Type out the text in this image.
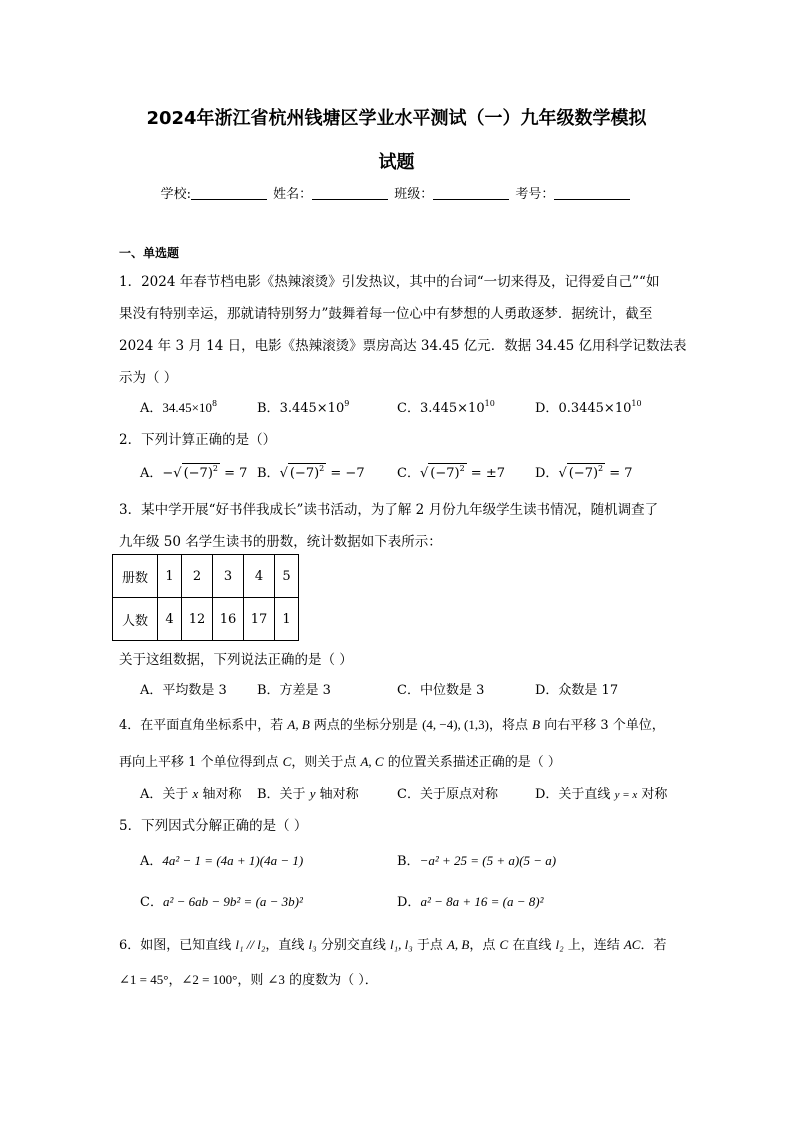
2024年浙江省杭州钱塘区学业水平测试（一）九年级数学模拟
试题
学校:	姓名：	班级：	考号：
一、单选题
1．2024 年春节档电影《热辣滚烫》引发热议，其中的台词“一切来得及，记得爱自己”“如
果没有特别幸运，那就请特别努力”鼓舞着每一位心中有梦想的人勇敢逐梦．据统计，截至
2024 年 3 月 14 日，电影《热辣滚烫》票房高达 34.45 亿元．数据 34.45 亿用科学记数法表
示为（ ）
A．$34.45\times 10^8$	B．$3.445\times 10^9$	C．$3.445\times 10^{10}$	D．$0.3445\times 10^{10}$
2．下列计算正确的是（）
A．−√ $(-7)^2 = 7$ B．√ $(-7)^2 = -7$ C．√ $(-7)^2 = \pm 7$ D．√ $(-7)^2 = 7$
3．某中学开展“好书伴我成长”读书活动，为了解 2 月份九年级学生读书情况，随机调查了
九年级 50 名学生读书的册数，统计数据如下表所示：
册数	1	2	3	4	5
人数	4	12	16	17	1
关于这组数据，下列说法正确的是（ ）
A．平均数是 3 B．方差是 3	C．中位数是 3	D．众数是 17
4．在平面直角坐标系中，若 A, B 两点的坐标分别是 (4, −4), (1,3)，将点 B 向右平移 3 个单位，
再向上平移 1 个单位得到点 C，则关于点 A, C 的位置关系描述正确的是（ ）
A．关于 x 轴对称 B．关于 y 轴对称	C．关于原点对称	D．关于直线 y = x 对称
5．下列因式分解正确的是（ ）
A．4a² − 1 = (4a + 1)(4a − 1)	B．−a² + 25 = (5 + a)(5 − a)
C．a² − 6ab − 9b² = (a − 3b)²	D．a² − 8a + 16 = (a − 8)²
6．如图，已知直线 l₁ // l₂，直线 l₃ 分别交直线 l₁, l₃ 于点 A, B，点 C 在直线 l₂ 上，连结 AC．若
∠1 = 45°，∠2 = 100°，则 ∠3 的度数为（ ）．
